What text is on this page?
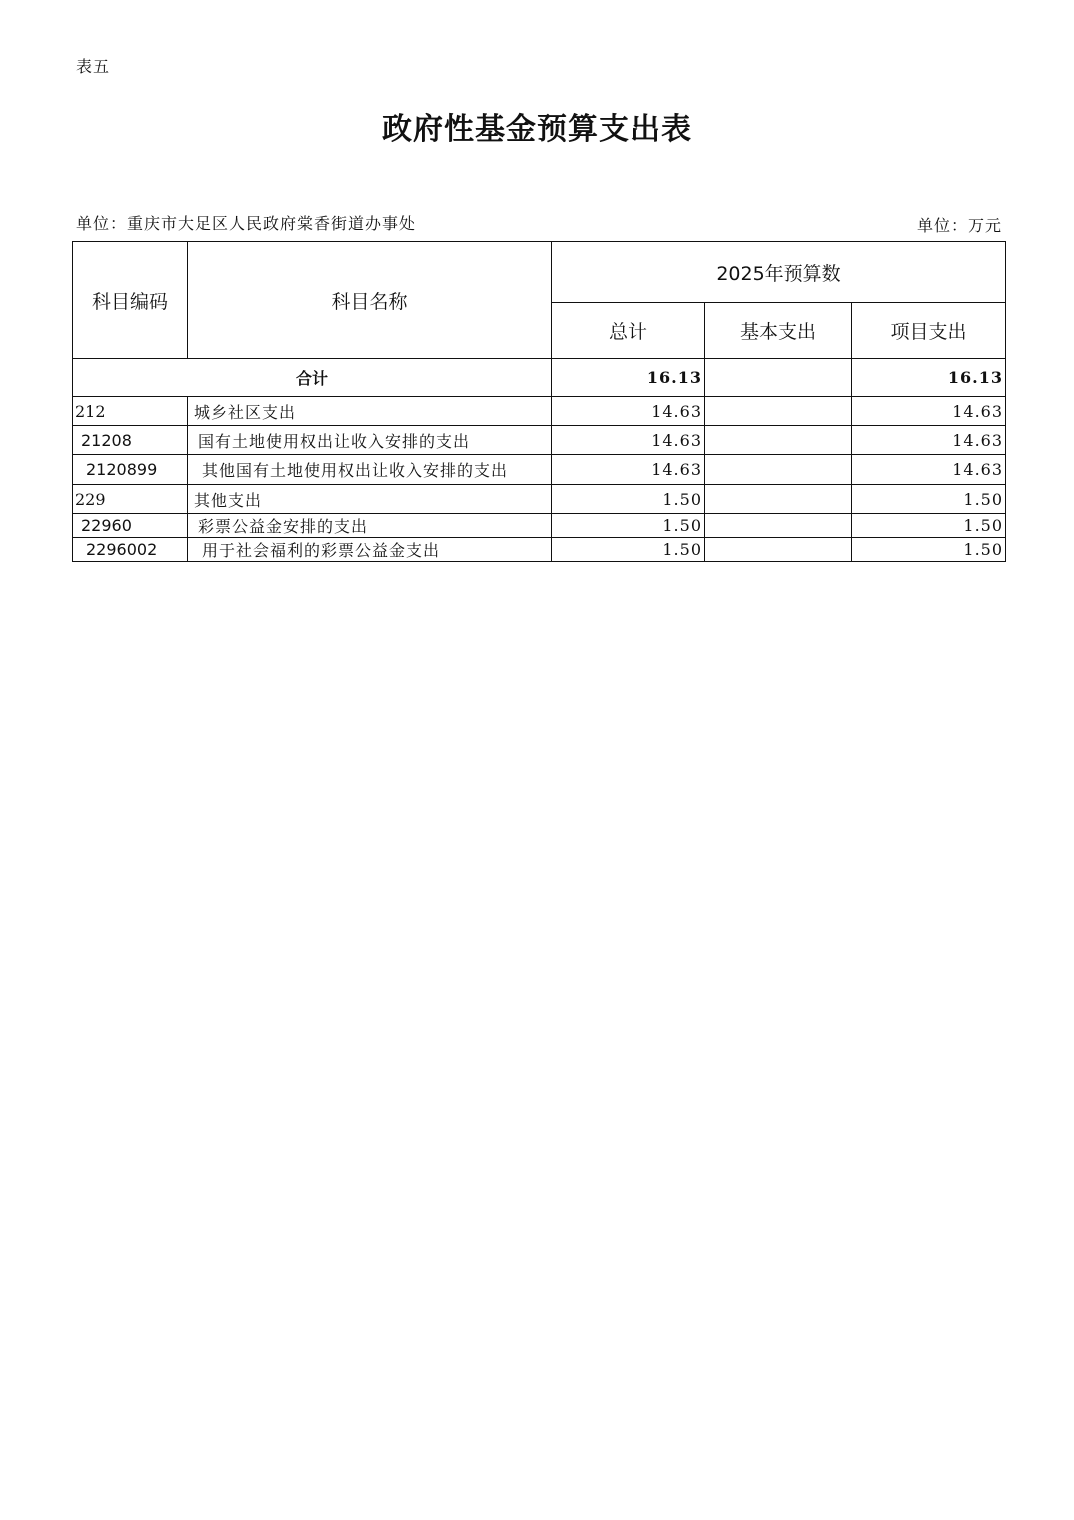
表五
政府性基金预算支出表
单位：重庆市大足区人民政府棠香街道办事处	单位：万元
科目编码	科目名称	2025年预算数		
		总计	基本支出	项目支出
合计		16.13		16.13
212	城乡社区支出	14.63		14.63
21208	国有土地使用权出让收入安排的支出	14.63		14.63
2120899	其他国有土地使用权出让收入安排的支出	14.63		14.63
229	其他支出	1.50		1.50
22960	彩票公益金安排的支出	1.50		1.50
2296002	用于社会福利的彩票公益金支出	1.50		1.50
